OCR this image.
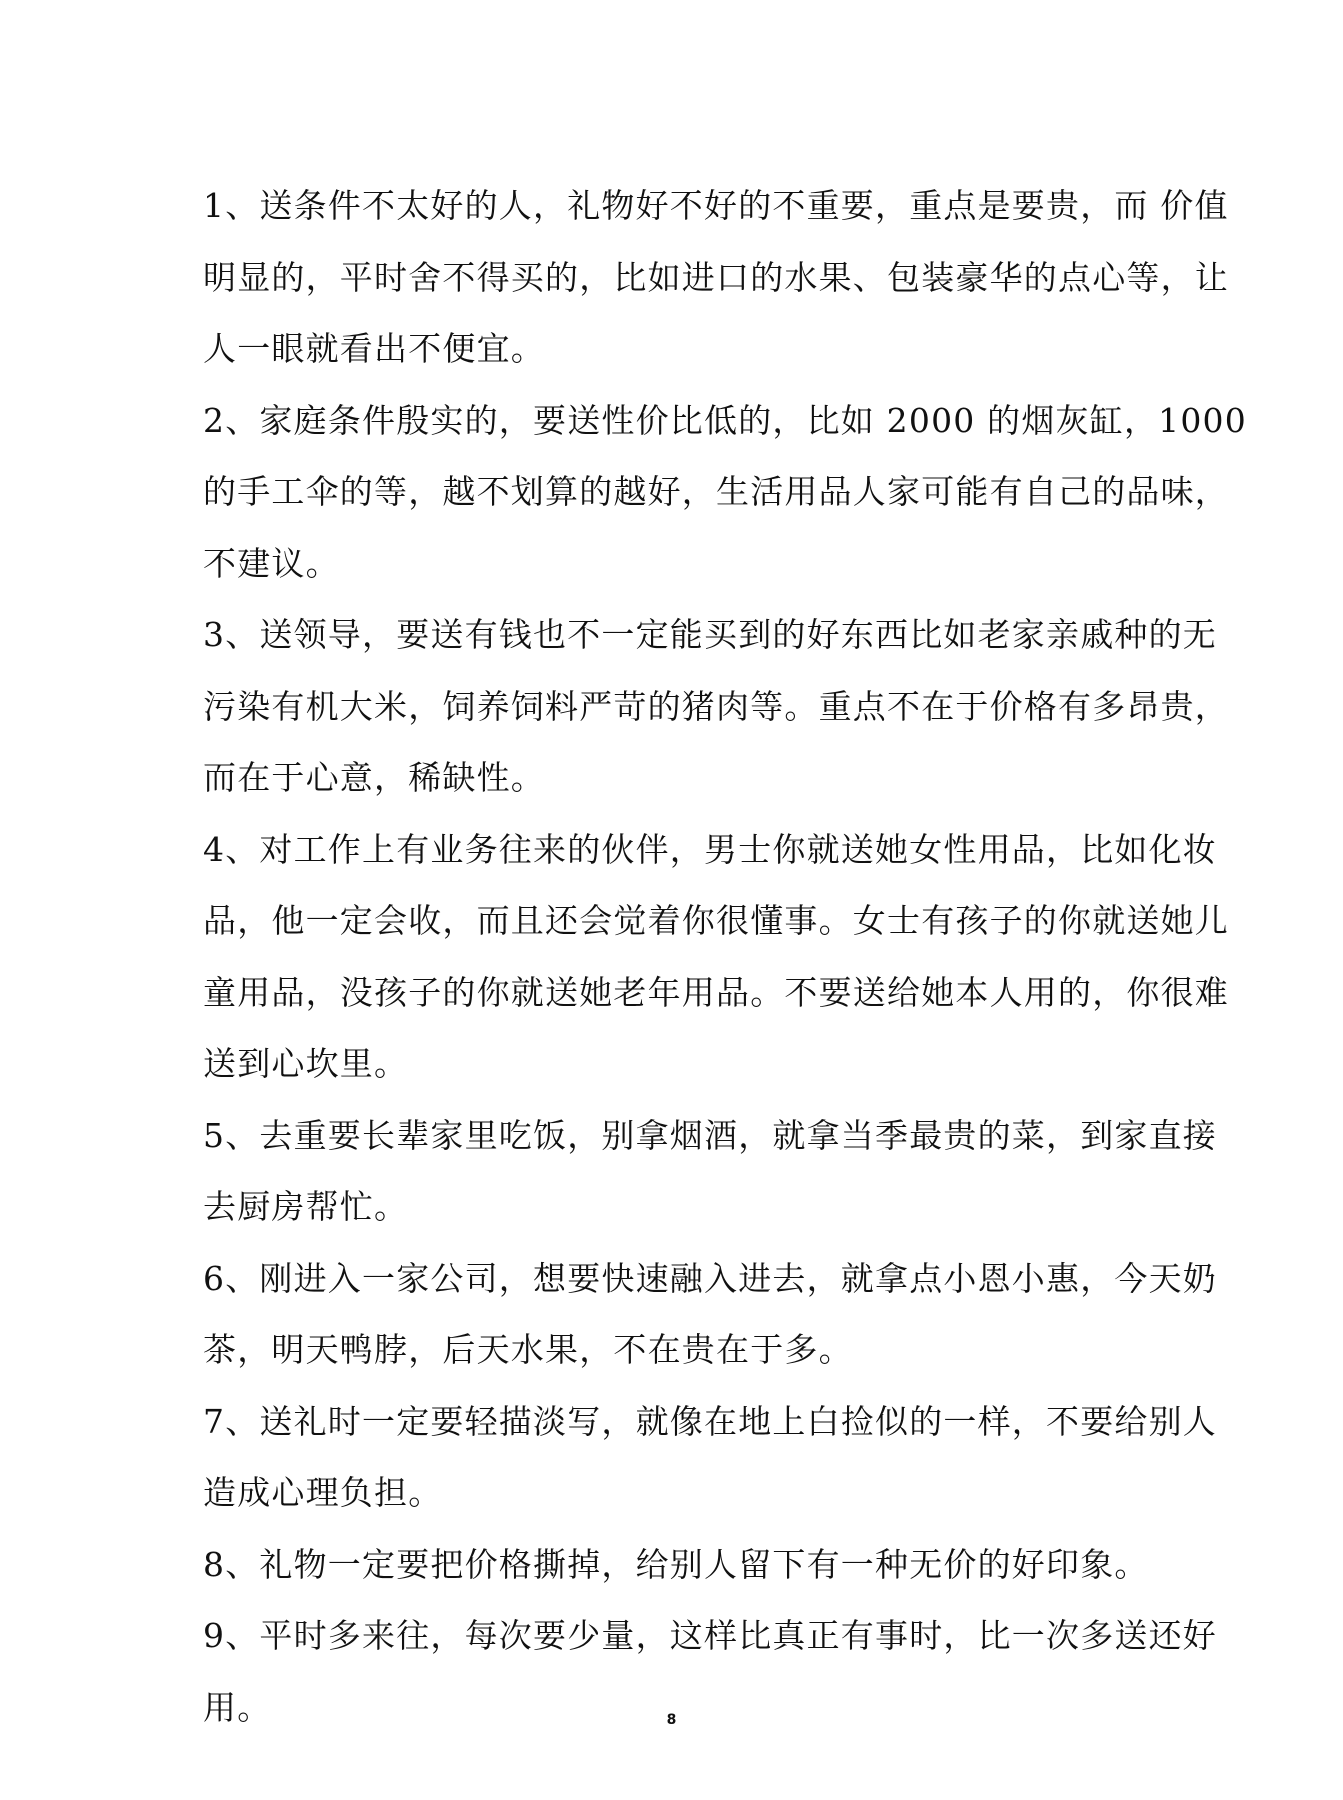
1、送条件不太好的人，礼物好不好的不重要，重点是要贵，而 价值
明显的，平时舍不得买的，比如进口的水果、包装豪华的点心等，让
人一眼就看出不便宜。

2、家庭条件殷实的，要送性价比低的，比如 2000 的烟灰缸，1000
的手工伞的等，越不划算的越好，生活用品人家可能有自己的品味，
不建议。

3、送领导，要送有钱也不一定能买到的好东西比如老家亲戚种的无
污染有机大米，饲养饲料严苛的猪肉等。重点不在于价格有多昂贵，
而在于心意，稀缺性。

4、对工作上有业务往来的伙伴，男士你就送她女性用品，比如化妆
品，他一定会收，而且还会觉着你很懂事。女士有孩子的你就送她儿
童用品，没孩子的你就送她老年用品。不要送给她本人用的，你很难
送到心坎里。

5、去重要长辈家里吃饭，别拿烟酒，就拿当季最贵的菜，到家直接
去厨房帮忙。

6、刚进入一家公司，想要快速融入进去，就拿点小恩小惠，今天奶
茶，明天鸭脖，后天水果，不在贵在于多。

7、送礼时一定要轻描淡写，就像在地上白捡似的一样，不要给别人
造成心理负担。

8、礼物一定要把价格撕掉，给别人留下有一种无价的好印象。

9、平时多来往，每次要少量，这样比真正有事时，比一次多送还好
用。	8
